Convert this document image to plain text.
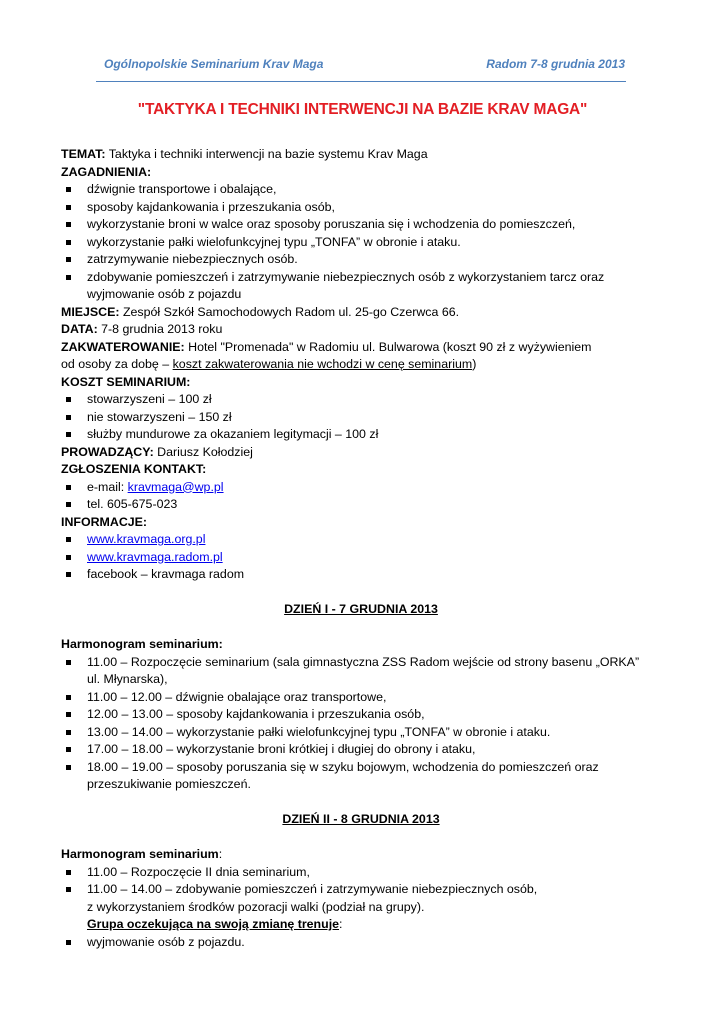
Ogólnopolskie Seminarium Krav Maga	Radom 7-8 grudnia 2013
"TAKTYKA I TECHNIKI INTERWENCJI NA BAZIE KRAV MAGA"
TEMAT: Taktyka i techniki interwencji na bazie systemu Krav Maga
ZAGADNIENIA:
dźwignie transportowe i obalające,
sposoby kajdankowania i przeszukania osób,
wykorzystanie broni w walce oraz sposoby poruszania się i wchodzenia do pomieszczeń,
wykorzystanie pałki wielofunkcyjnej typu „TONFA” w obronie i ataku.
zatrzymywanie niebezpiecznych osób.
zdobywanie pomieszczeń i zatrzymywanie niebezpiecznych osób z wykorzystaniem tarcz oraz
wyjmowanie osób z pojazdu
MIEJSCE: Zespół Szkół Samochodowych Radom ul. 25-go Czerwca 66.
DATA: 7-8 grudnia 2013 roku
ZAKWATEROWANIE: Hotel "Promenada" w Radomiu ul. Bulwarowa (koszt 90 zł z wyżywieniem
od osoby za dobę – koszt zakwaterowania nie wchodzi w cenę seminarium)
KOSZT SEMINARIUM:
stowarzyszeni – 100 zł
nie stowarzyszeni – 150 zł
służby mundurowe za okazaniem legitymacji – 100 zł
PROWADZĄCY: Dariusz Kołodziej
ZGŁOSZENIA KONTAKT:
e-mail: kravmaga@wp.pl
tel. 605-675-023
INFORMACJE:
www.kravmaga.org.pl
www.kravmaga.radom.pl
facebook – kravmaga radom
DZIEŃ I - 7 GRUDNIA 2013
Harmonogram seminarium:
11.00 – Rozpoczęcie seminarium (sala gimnastyczna ZSS Radom wejście od strony basenu „ORKA”
ul. Młynarska),
11.00 – 12.00 – dźwignie obalające oraz transportowe,
12.00 – 13.00 – sposoby kajdankowania i przeszukania osób,
13.00 – 14.00 – wykorzystanie pałki wielofunkcyjnej typu „TONFA” w obronie i ataku.
17.00 – 18.00 – wykorzystanie broni krótkiej i długiej do obrony i ataku,
18.00 – 19.00 – sposoby poruszania się w szyku bojowym, wchodzenia do pomieszczeń oraz
przeszukiwanie pomieszczeń.
DZIEŃ II - 8 GRUDNIA 2013
Harmonogram seminarium:
11.00 – Rozpoczęcie II dnia seminarium,
11.00 – 14.00 – zdobywanie pomieszczeń i zatrzymywanie niebezpiecznych osób,
z wykorzystaniem środków pozoracji walki (podział na grupy).
Grupa oczekująca na swoją zmianę trenuje:
wyjmowanie osób z pojazdu.
